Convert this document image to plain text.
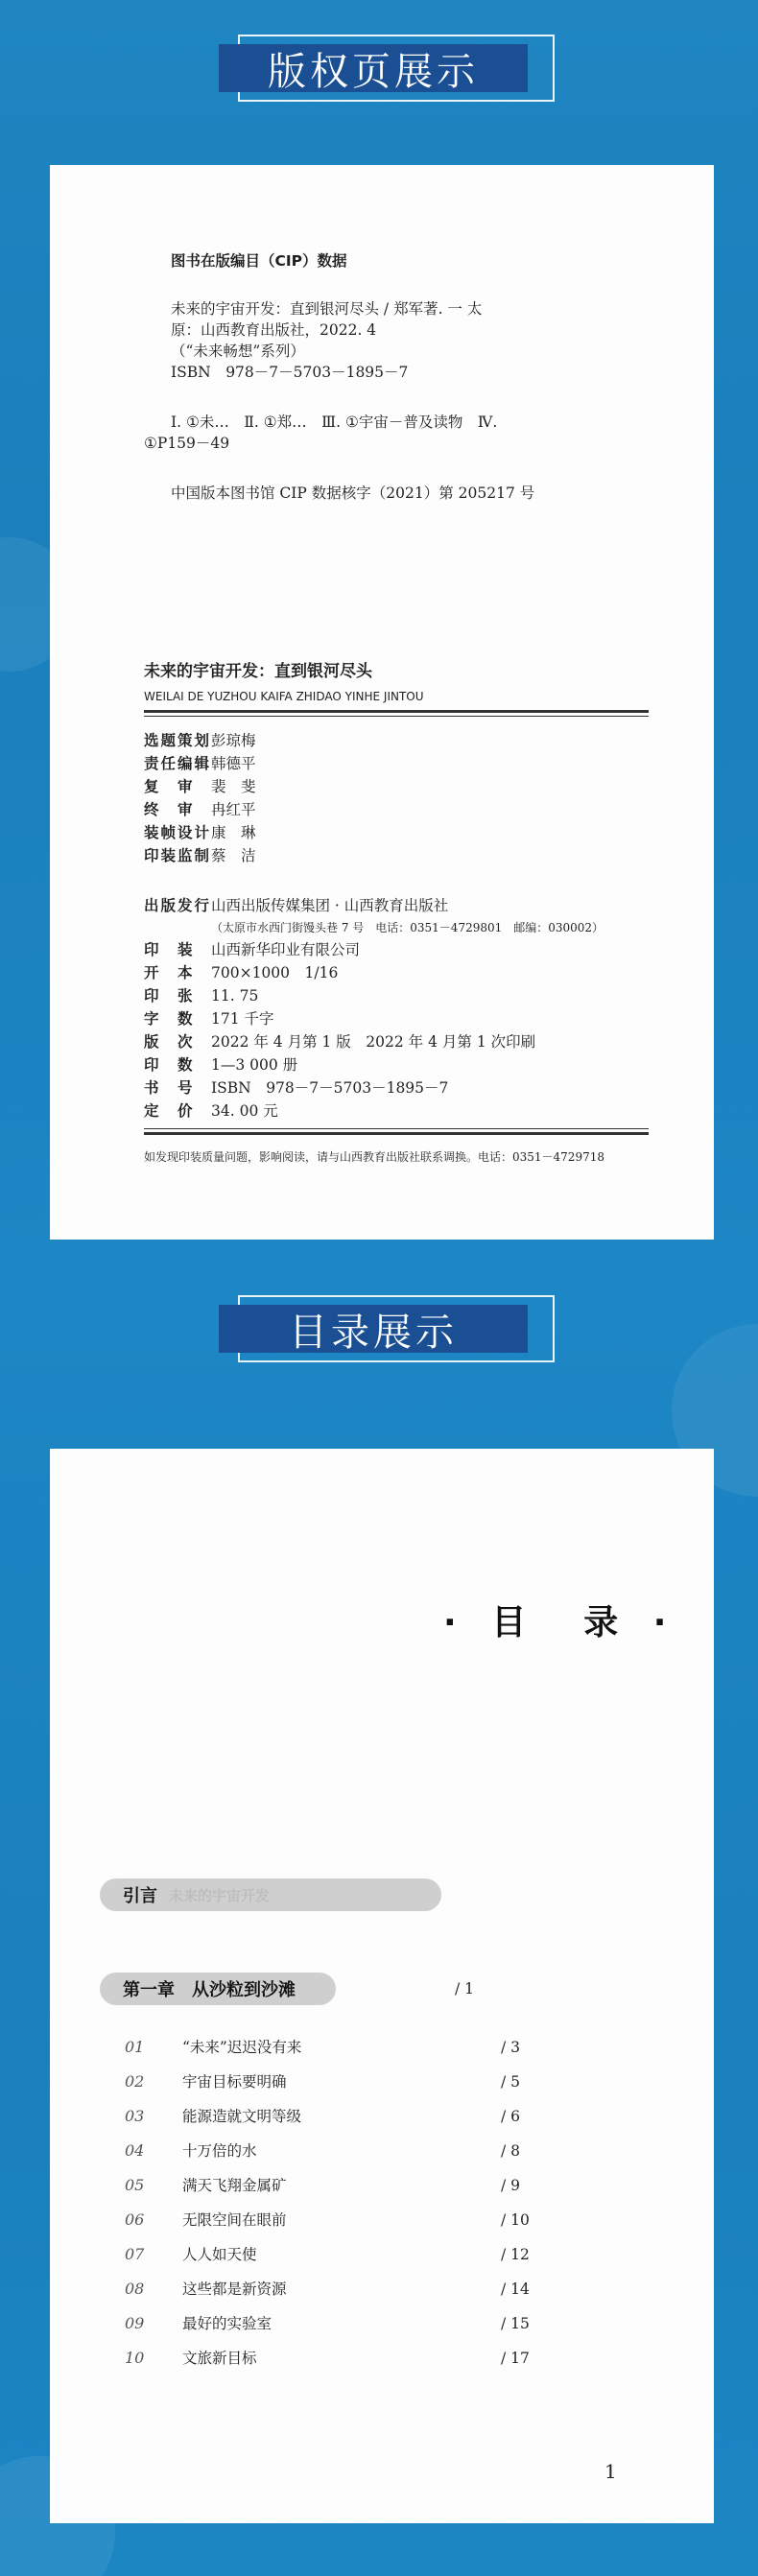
版权页展示
图书在版编目（CIP）数据
未来的宇宙开发：直到银河尽头 / 郑军著. 一 太
原：山西教育出版社，2022. 4
（“未来畅想”系列）
ISBN　978－7－5703－1895－7
Ⅰ. ①未…　Ⅱ. ①郑…　Ⅲ. ①宇宙－普及读物　Ⅳ.
①P159－49
中国版本图书馆 CIP 数据核字（2021）第 205217 号
未来的宇宙开发：直到银河尽头
WEILAI DE YUZHOU KAIFA ZHIDAO YINHE JINTOU
选题策划彭琼梅
责任编辑韩德平
复　审 裴　斐
终　审 冉红平
装帧设计康　琳
印装监制蔡　洁
出版发行山西出版传媒集团 · 山西教育出版社
（太原市水西门街馒头巷 7 号　电话：0351－4729801　邮编：030002）
印　装 山西新华印业有限公司
开　本 700×1000　1/16
印　张 11. 75
字　数 171 千字
版　次 2022 年 4 月第 1 版　2022 年 4 月第 1 次印刷
印　数 1—3 000 册
书　号 ISBN　978－7－5703－1895－7
定　价 34. 00 元
如发现印装质量问题，影响阅读，请与山西教育出版社联系调换。电话：0351－4729718
目录展示
· 目　录 ·
引言 未来的宇宙开发
第一章　从沙粒到沙滩	/ 1
01	“未来”迟迟没有来	/ 3
02	宇宙目标要明确	/ 5
03	能源造就文明等级	/ 6
04	十万倍的水	/ 8
05	满天飞翔金属矿	/ 9
06	无限空间在眼前	/ 10
07	人人如天使	/ 12
08	这些都是新资源	/ 14
09	最好的实验室	/ 15
10	文旅新目标	/ 17
1
